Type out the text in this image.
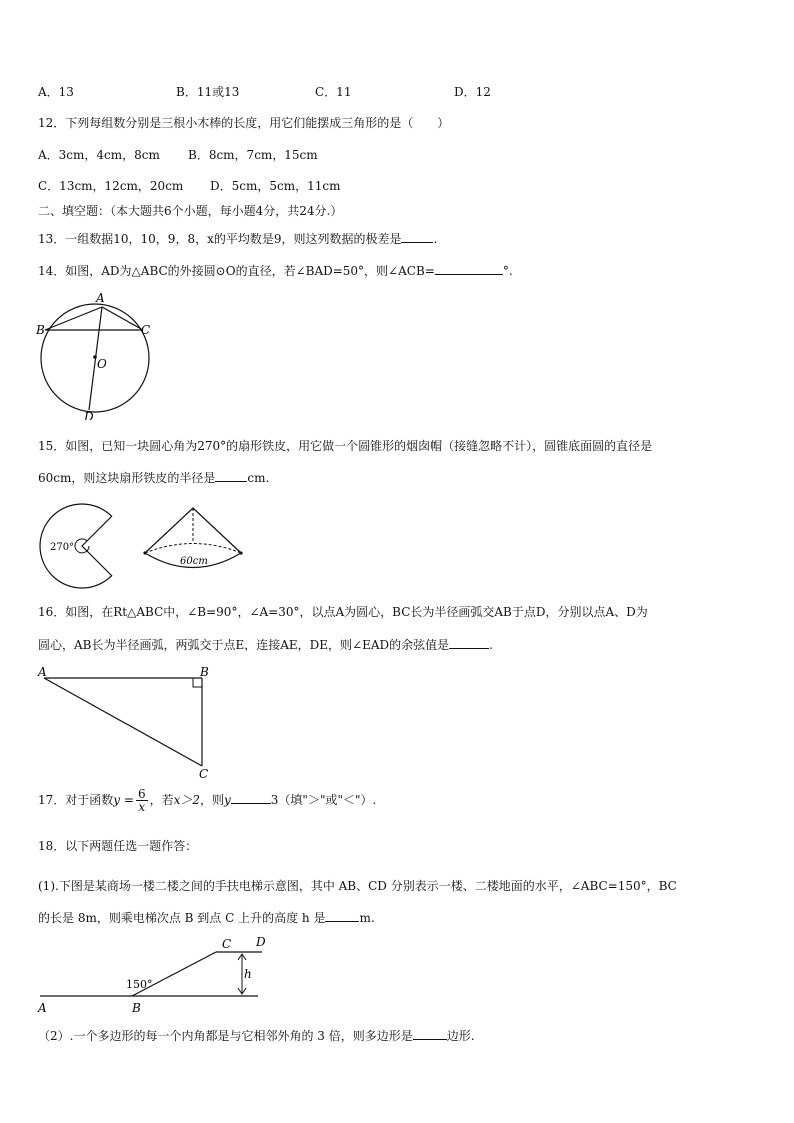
A．13	B．11或13	C．11	D．12
12．下列每组数分别是三根小木棒的长度，用它们能摆成三角形的是（　　）
A．3cm，4cm，8cm B．8cm，7cm，15cm
C．13cm，12cm，20cm D．5cm，5cm，11cm
二、填空题：（本大题共6个小题，每小题4分，共24分.）
13．一组数据10，10，9，8，x的平均数是9，则这列数据的极差是	.
14．如图，AD为△ABC的外接圆⊙O的直径，若∠BAD=50°，则∠ACB=	°.
A
B	C
O
D
15．如图，已知一块圆心角为270°的扇形铁皮，用它做一个圆锥形的烟囱帽（接缝忽略不计），圆锥底面圆的直径是
60cm，则这块扇形铁皮的半径是	cm.
270°
60cm
16．如图，在Rt△ABC中，∠B=90°，∠A=30°，以点A为圆心，BC长为半径画弧交AB于点D，分别以点A、D为
圆心，AB长为半径画弧，两弧交于点E，连接AE，DE，则∠EAD的余弦值是	.
A	B
C
17．对于函数$y = \frac{6}{x}$ ，若x＞2，则y	3（填"＞"或"＜"）.
18．以下两题任选一题作答：
(1).下图是某商场一楼二楼之间的手扶电梯示意图，其中 AB、CD 分别表示一楼、二楼地面的水平，∠ABC=150°，BC
的长是 8m，则乘电梯次点 B 到点 C 上升的高度 h 是	m.
h
150°
A	B
C D
（2）.一个多边形的每一个内角都是与它相邻外角的 3 倍，则多边形是	边形.
